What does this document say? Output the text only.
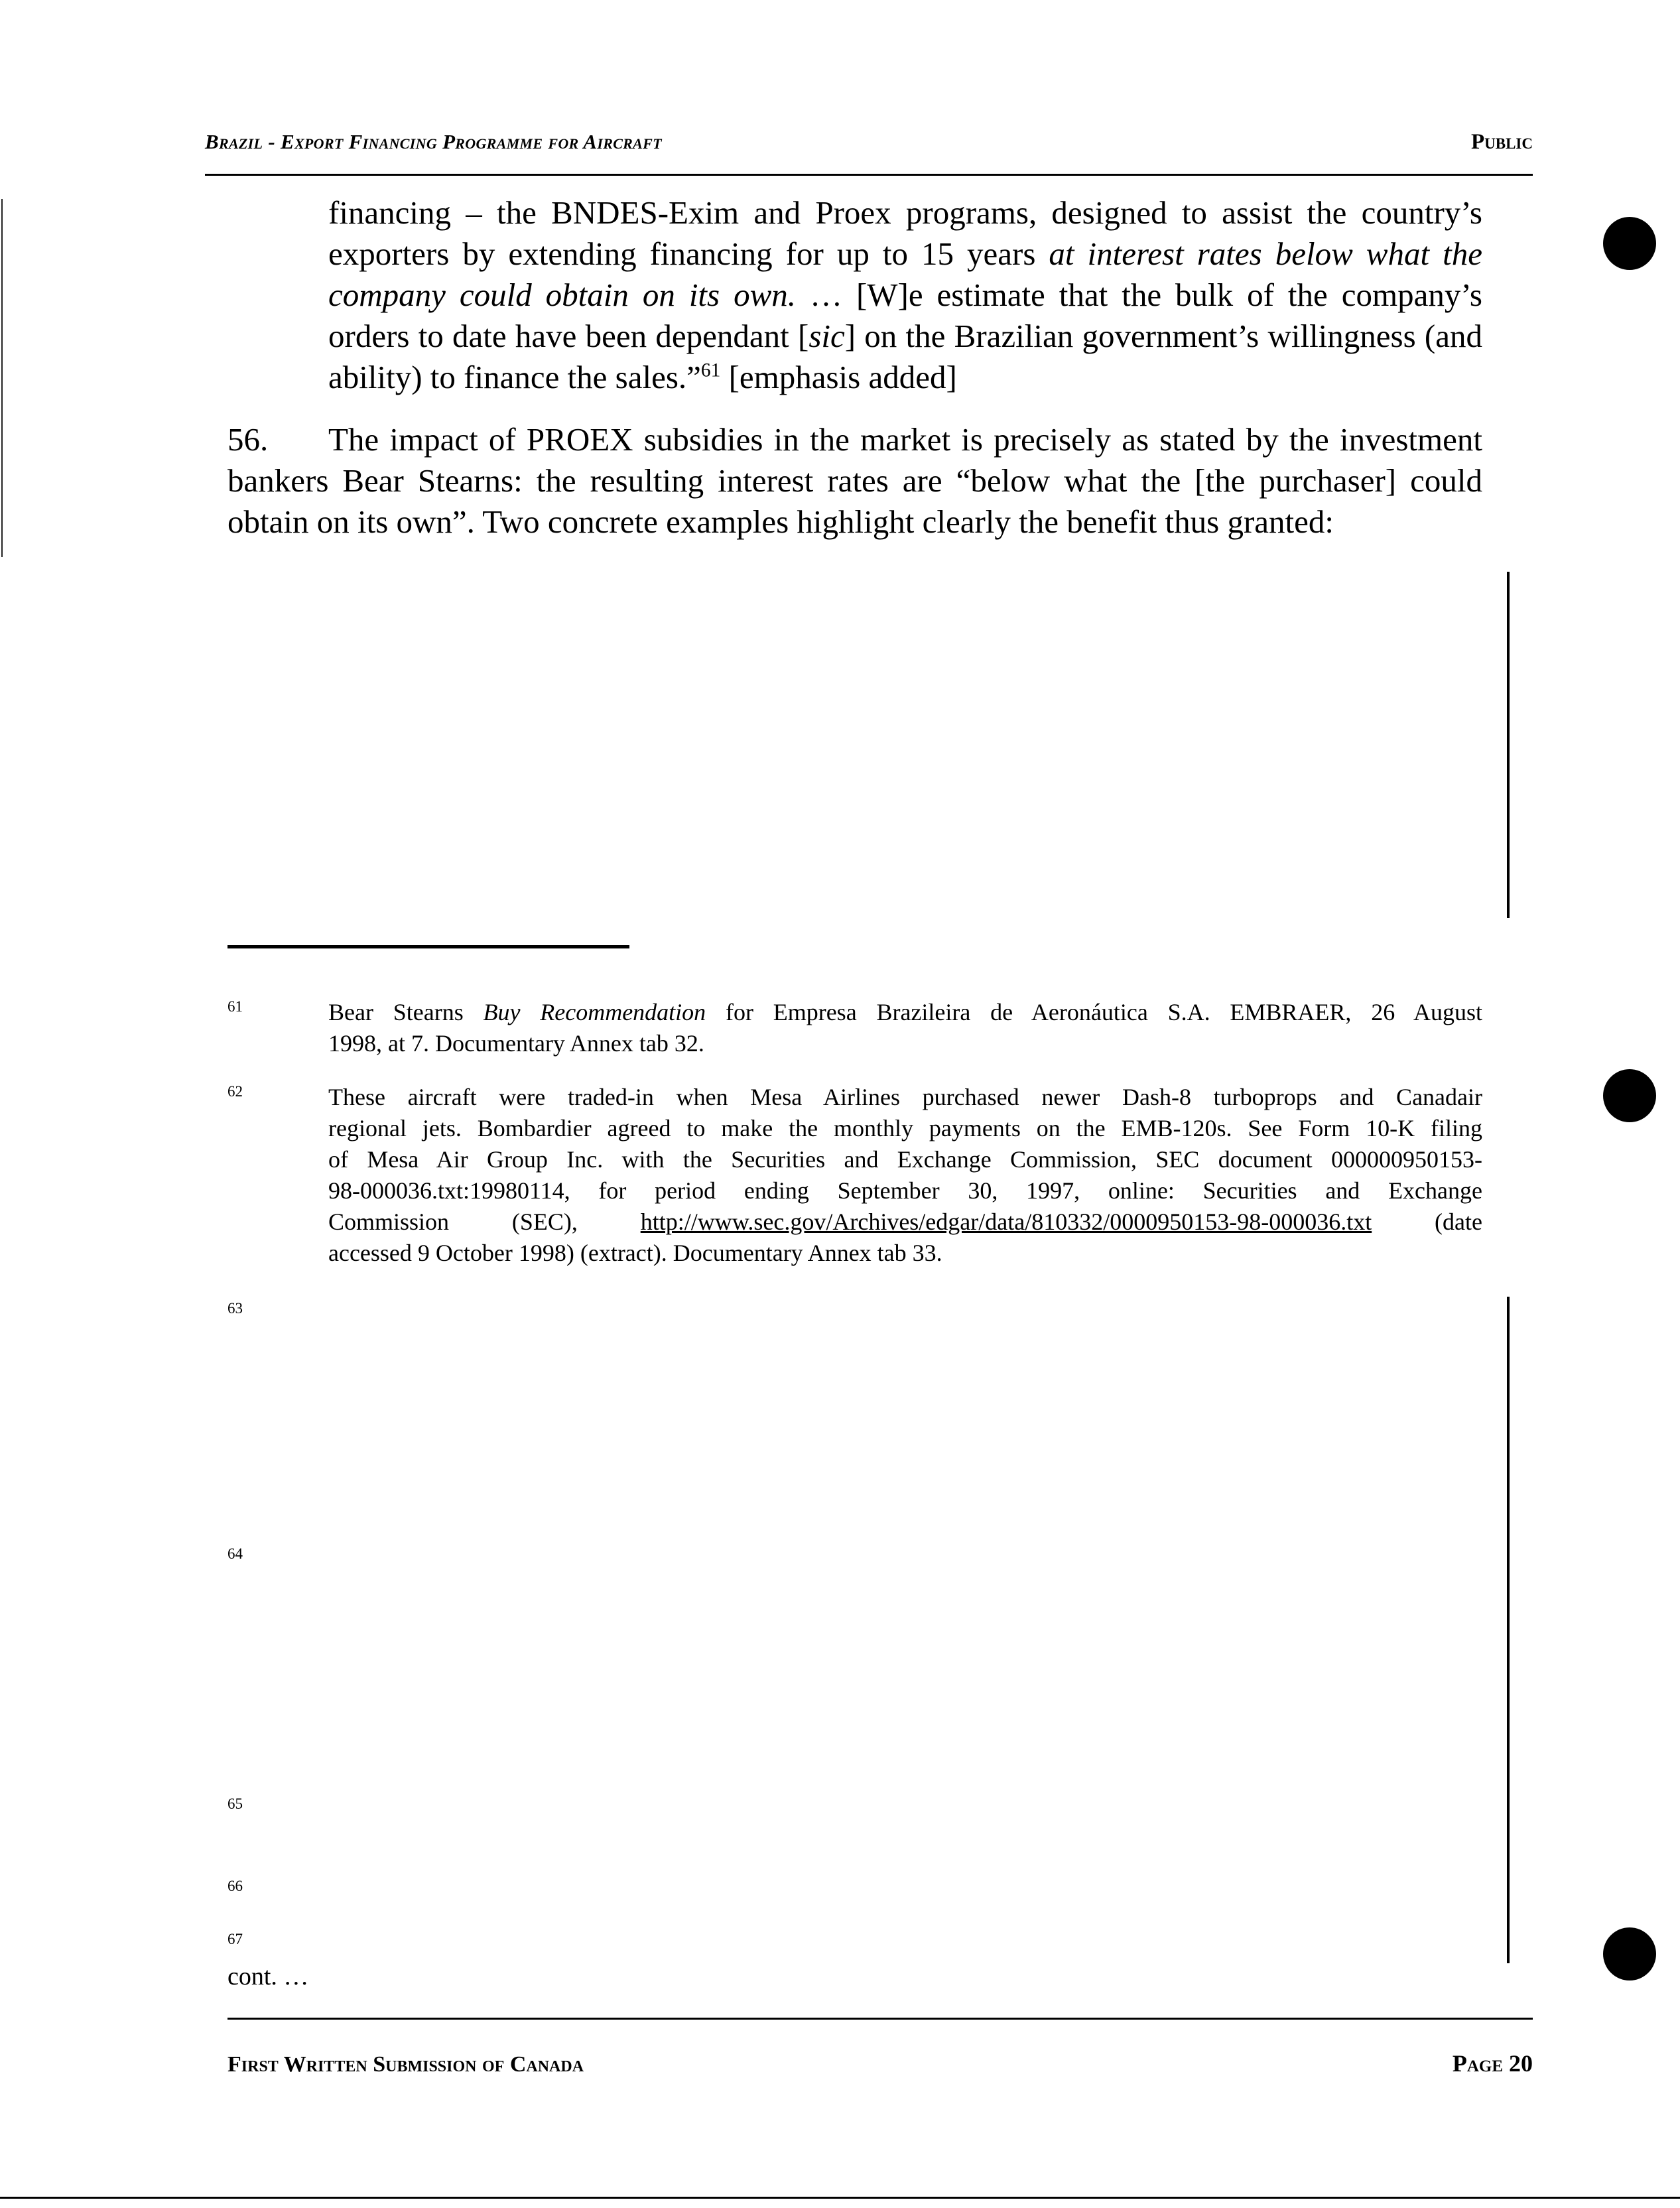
Brazil - Export Financing Programme for Aircraft	Public
financing – the BNDES-Exim and Proex programs, designed to assist the country’s
exporters by extending financing for up to 15 years at interest rates below what the
company could obtain on its own. … [W]e estimate that the bulk of the company’s
orders to date have been dependant [sic] on the Brazilian government’s willingness (and
ability) to finance the sales.”$^{61}$ [emphasis added]
56. The impact of PROEX subsidies in the market is precisely as stated by the investment
bankers Bear Stearns: the resulting interest rates are “below what the [the purchaser] could
obtain on its own”. Two concrete examples highlight clearly the benefit thus granted:
61	Bear Stearns Buy Recommendation for Empresa Brazileira de Aeronáutica S.A. EMBRAER, 26 August
1998, at 7. Documentary Annex tab 32.
62	These aircraft were traded-in when Mesa Airlines purchased newer Dash-8 turboprops and Canadair
regional jets. Bombardier agreed to make the monthly payments on the EMB-120s. See Form 10-K filing
of Mesa Air Group Inc. with the Securities and Exchange Commission, SEC document 000000950153-
98-000036.txt:19980114, for period ending September 30, 1997, online: Securities and Exchange
Commission (SEC), http://www.sec.gov/Archives/edgar/data/810332/0000950153-98-000036.txt (date
accessed 9 October 1998) (extract). Documentary Annex tab 33.
63
64
65
66
67
cont. …
First Written Submission of Canada	Page 20
